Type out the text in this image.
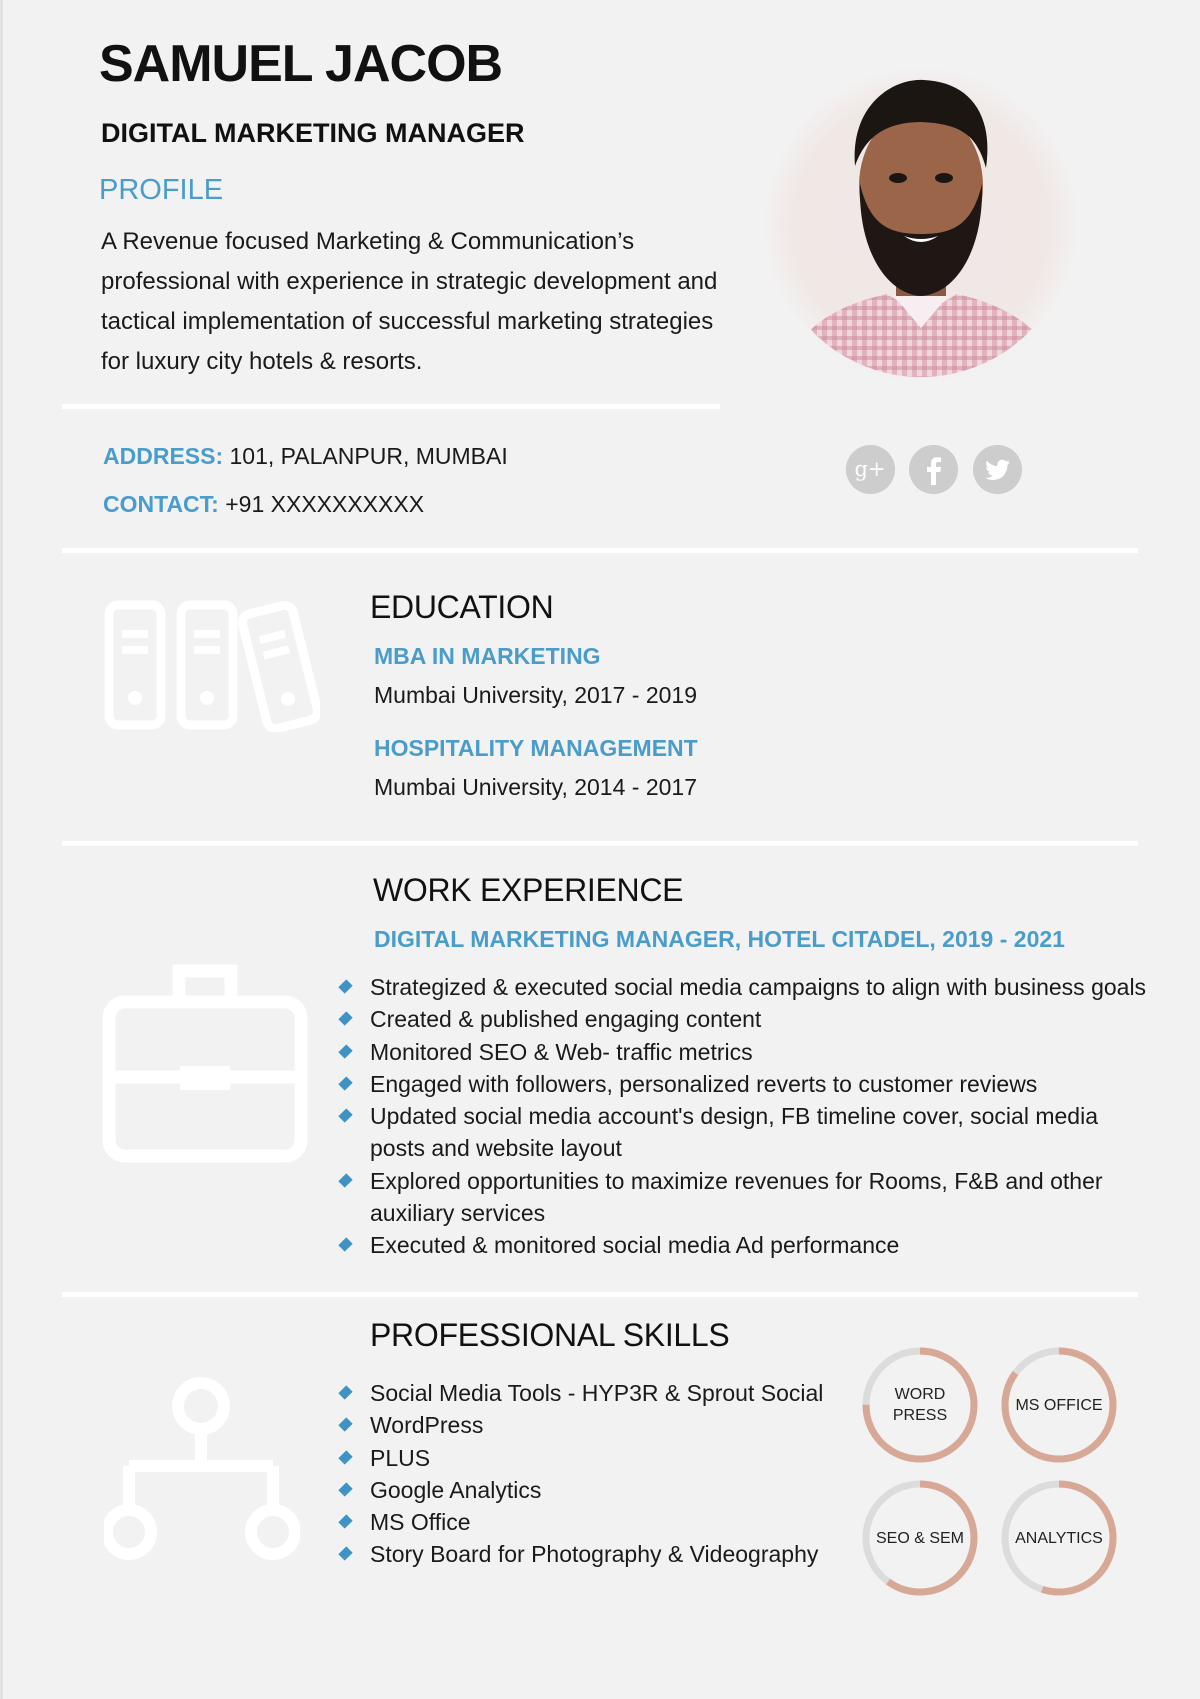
SAMUEL JACOB
DIGITAL MARKETING MANAGER
PROFILE
A Revenue focused Marketing & Communication’s professional with experience in strategic development and tactical implementation of successful marketing strategies for luxury city hotels & resorts.
ADDRESS: 101, PALANPUR, MUMBAI
CONTACT: +91 XXXXXXXXXX
g+
EDUCATION
MBA IN MARKETING
Mumbai University, 2017 - 2019
HOSPITALITY MANAGEMENT
Mumbai University, 2014 - 2017
WORK EXPERIENCE
DIGITAL MARKETING MANAGER, HOTEL CITADEL, 2019 - 2021
Strategized & executed social media campaigns to align with business goals
Created & published engaging content
Monitored SEO & Web- traffic metrics
Engaged with followers, personalized reverts to customer reviews
Updated social media account's design, FB timeline cover, social media posts and website layout
Explored opportunities to maximize revenues for Rooms, F&B and other auxiliary services
Executed & monitored social media Ad performance
PROFESSIONAL SKILLS
Social Media Tools - HYP3R & Sprout Social
WordPress
PLUS
Google Analytics
MS Office
Story Board for Photography & Videography
WORD
PRESS
MS OFFICE
SEO & SEM	ANALYTICS
